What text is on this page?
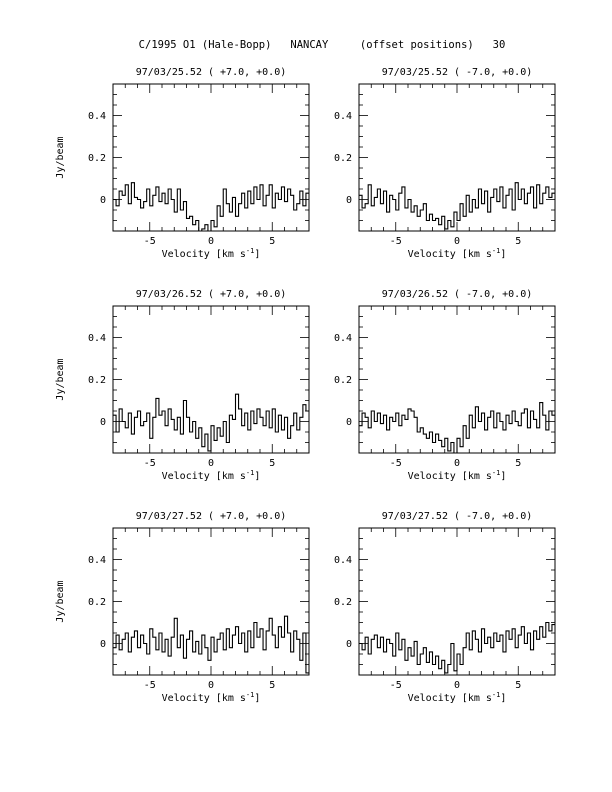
C/1995 O1 (Hale-Bopp)   NANCAY     (offset positions)   30
97/03/25.52 ( +7.0, +0.0)
-5	0	5
0
0.2
0.4
Velocity [km $s^{-1}$]
Jy/beam
97/03/25.52 ( -7.0, +0.0)
-5	0	5
0
0.2
0.4
Velocity [km $s^{-1}$]
97/03/26.52 ( +7.0, +0.0)
-5	0	5
0
0.2
0.4
Velocity [km $s^{-1}$]
Jy/beam
97/03/26.52 ( -7.0, +0.0)
-5	0	5
0
0.2
0.4
Velocity [km $s^{-1}$]
97/03/27.52 ( +7.0, +0.0)
-5	0	5
0
0.2
0.4
Velocity [km $s^{-1}$]
Jy/beam
97/03/27.52 ( -7.0, +0.0)
-5	0	5
0
0.2
0.4
Velocity [km $s^{-1}$]
